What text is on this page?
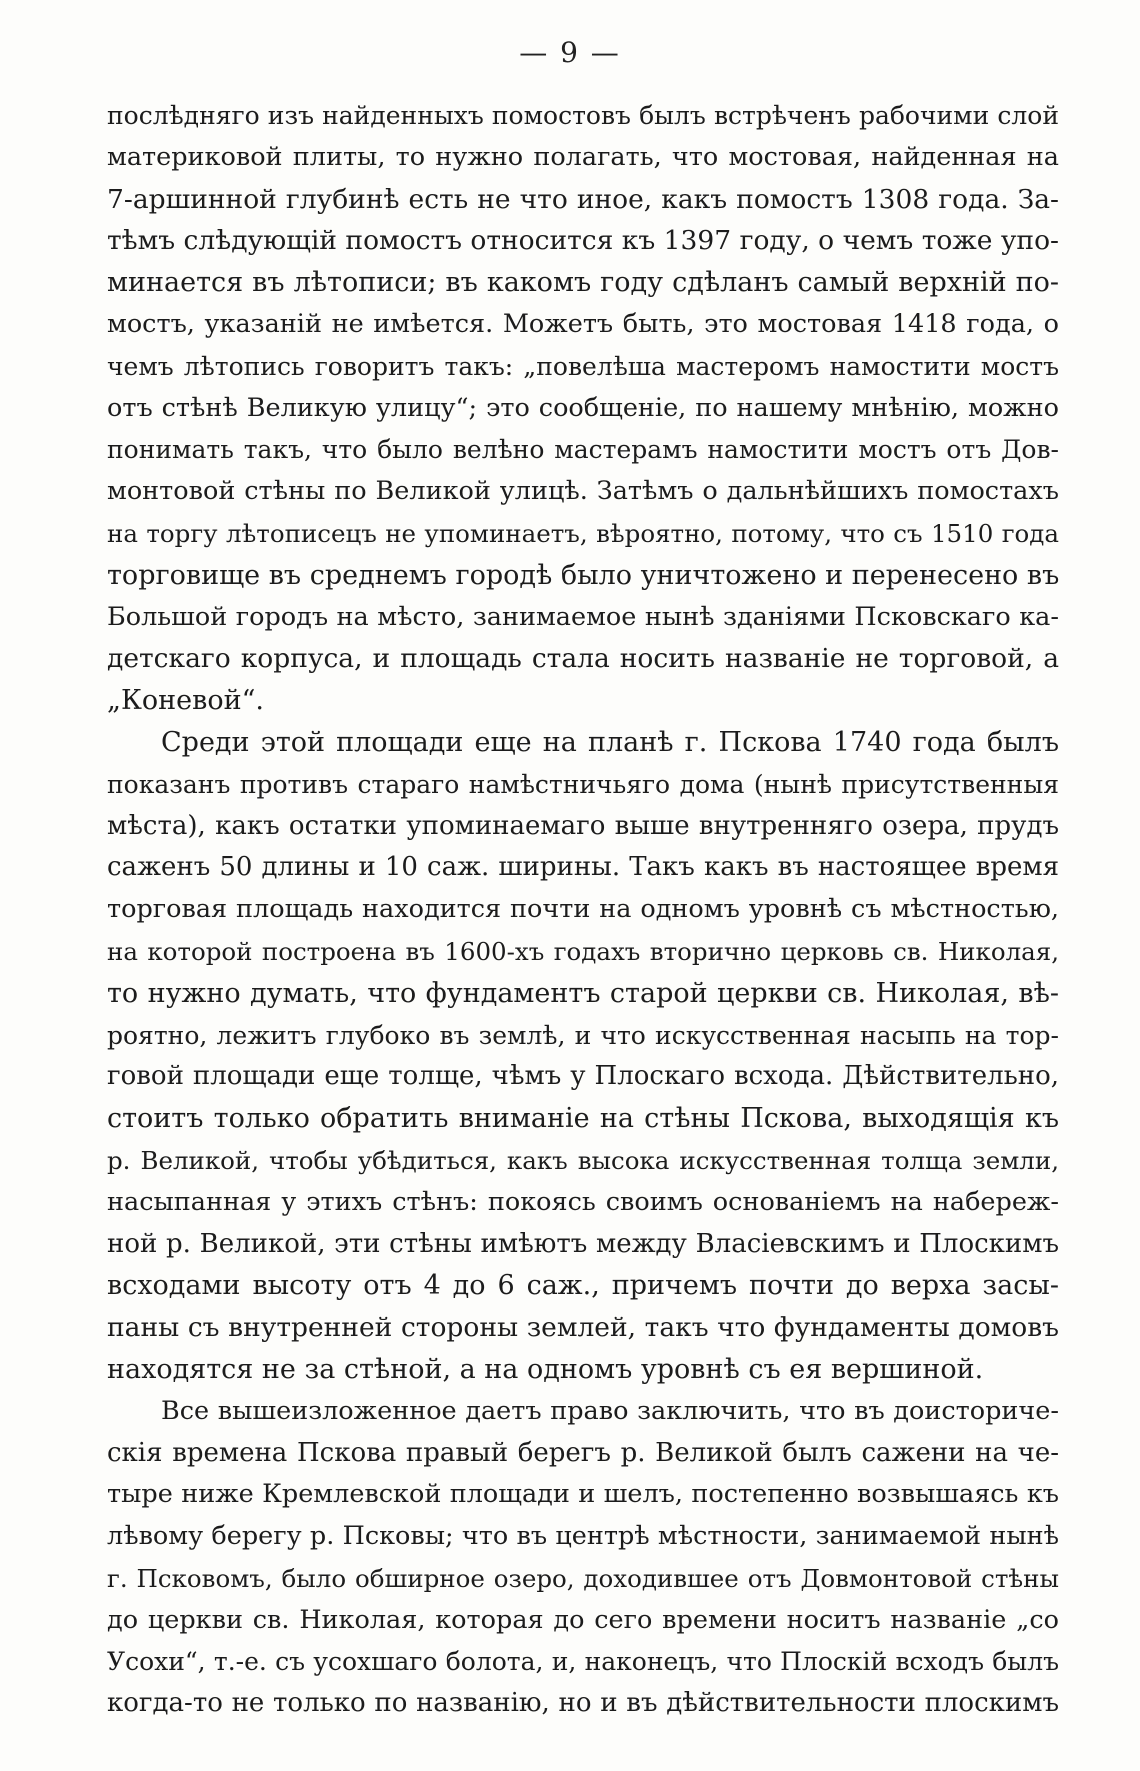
— 9 —
послѣдняго изъ найденныхъ помостовъ былъ встрѣченъ рабочими слой
материковой плиты, то нужно полагать, что мостовая, найденная на
7-аршинной глубинѣ есть не что иное, какъ помостъ 1308 года. За-
тѣмъ слѣдующій помостъ относится къ 1397 году, о чемъ тоже упо-
минается въ лѣтописи; въ какомъ году сдѣланъ самый верхній по-
мостъ, указаній не имѣется. Можетъ быть, это мостовая 1418 года, о
чемъ лѣтопись говоритъ такъ: „повелѣша мастеромъ намостити мостъ
отъ стѣнѣ Великую улицу“; это сообщеніе, по нашему мнѣнію, можно
понимать такъ, что было велѣно мастерамъ намостити мостъ отъ Дов-
монтовой стѣны по Великой улицѣ. Затѣмъ о дальнѣйшихъ помостахъ
на торгу лѣтописецъ не упоминаетъ, вѣроятно, потому, что съ 1510 года
торговище въ среднемъ городѣ было уничтожено и перенесено въ
Большой городъ на мѣсто, занимаемое нынѣ зданіями Псковскаго ка-
детскаго корпуса, и площадь стала носить названіе не торговой, а
„Коневой“.
Среди этой площади еще на планѣ г. Пскова 1740 года былъ
показанъ противъ стараго намѣстничьяго дома (нынѣ присутственныя
мѣста), какъ остатки упоминаемаго выше внутренняго озера, прудъ
саженъ 50 длины и 10 саж. ширины. Такъ какъ въ настоящее время
торговая площадь находится почти на одномъ уровнѣ съ мѣстностью,
на которой построена въ 1600-хъ годахъ вторично церковь св. Николая,
то нужно думать, что фундаментъ старой церкви св. Николая, вѣ-
роятно, лежитъ глубоко въ землѣ, и что искусственная насыпь на тор-
говой площади еще толще, чѣмъ у Плоскаго всхода. Дѣйствительно,
стоитъ только обратить вниманіе на стѣны Пскова, выходящія къ
р. Великой, чтобы убѣдиться, какъ высока искусственная толща земли,
насыпанная у этихъ стѣнъ: покоясь своимъ основаніемъ на набереж-
ной р. Великой, эти стѣны имѣютъ между Власіевскимъ и Плоскимъ
всходами высоту отъ 4 до 6 саж., причемъ почти до верха засы-
паны съ внутренней стороны землей, такъ что фундаменты домовъ
находятся не за стѣной, а на одномъ уровнѣ съ ея вершиной.
Все вышеизложенное даетъ право заключить, что въ доисториче-
скія времена Пскова правый берегъ р. Великой былъ сажени на че-
тыре ниже Кремлевской площади и шелъ, постепенно возвышаясь къ
лѣвому берегу р. Псковы; что въ центрѣ мѣстности, занимаемой нынѣ
г. Псковомъ, было обширное озеро, доходившее отъ Довмонтовой стѣны
до церкви св. Николая, которая до сего времени носитъ названіе „со
Усохи“, т.-е. съ усохшаго болота, и, наконецъ, что Плоскій всходъ былъ
когда-то не только по названію, но и въ дѣйствительности плоскимъ
